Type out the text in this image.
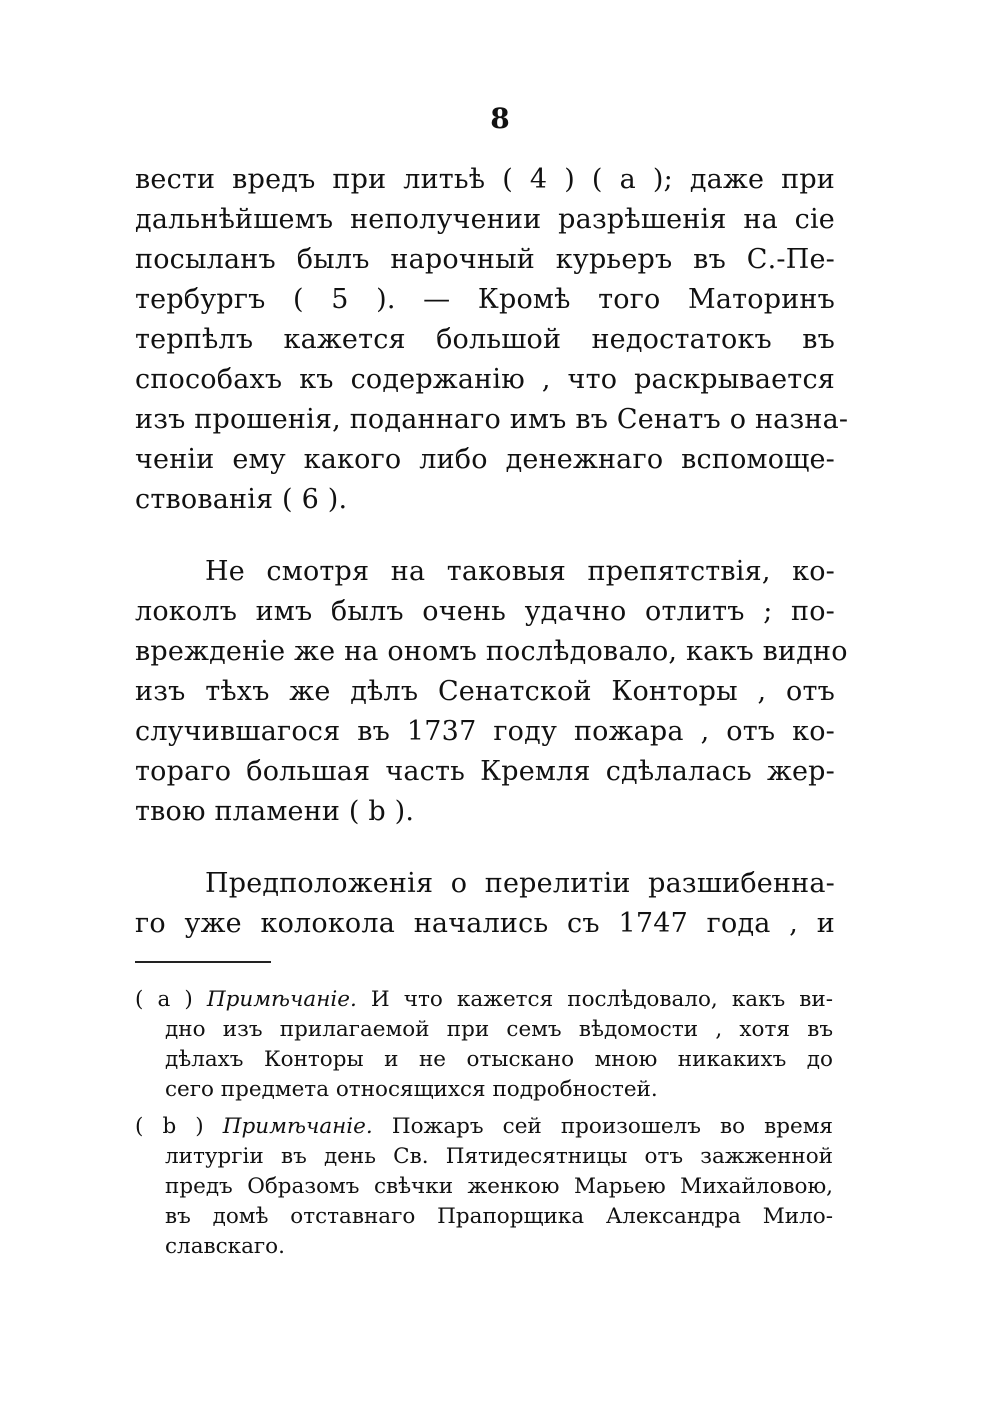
8
вести вредъ при литьѣ ( 4 ) ( а ); даже при
дальнѣйшемъ неполучении разрѣшенія на сіе
посыланъ былъ нарочный курьеръ въ С.-Пе-
тербургъ ( 5 ). — Кромѣ того Маторинъ
терпѣлъ кажется большой недостатокъ въ
способахъ къ содержанію , что раскрывается
изъ прошенія, поданнаго имъ въ Сенатъ о назна-
ченіи ему какого либо денежнаго вспомоще-
ствованія ( 6 ).
Не смотря на таковыя препятствія, ко-
локолъ имъ былъ очень удачно отлитъ ; по-
врежденіе же на ономъ послѣдовало, какъ видно
изъ тѣхъ же дѣлъ Сенатской Конторы , отъ
случившагося въ 1737 году пожара , отъ ко-
тораго большая часть Кремля сдѣлалась жер-
твою пламени ( b ).
Предположенія о перелитіи разшибенна-
го уже колокола начались съ 1747 года , и
( а ) Примѣчаніе. И что кажется послѣдовало, какъ ви-
дно изъ прилагаемой при семъ вѣдомости , хотя въ
дѣлахъ Конторы и не отыскано мною никакихъ до
сего предмета относящихся подробностей.
( b ) Примѣчаніе. Пожаръ сей произошелъ во время
литургіи въ день Св. Пятидесятницы отъ зажженной
предъ Образомъ свѣчки женкою Марьею Михайловою,
въ домѣ отставнаго Прапорщика Александра Мило-
славскаго.
